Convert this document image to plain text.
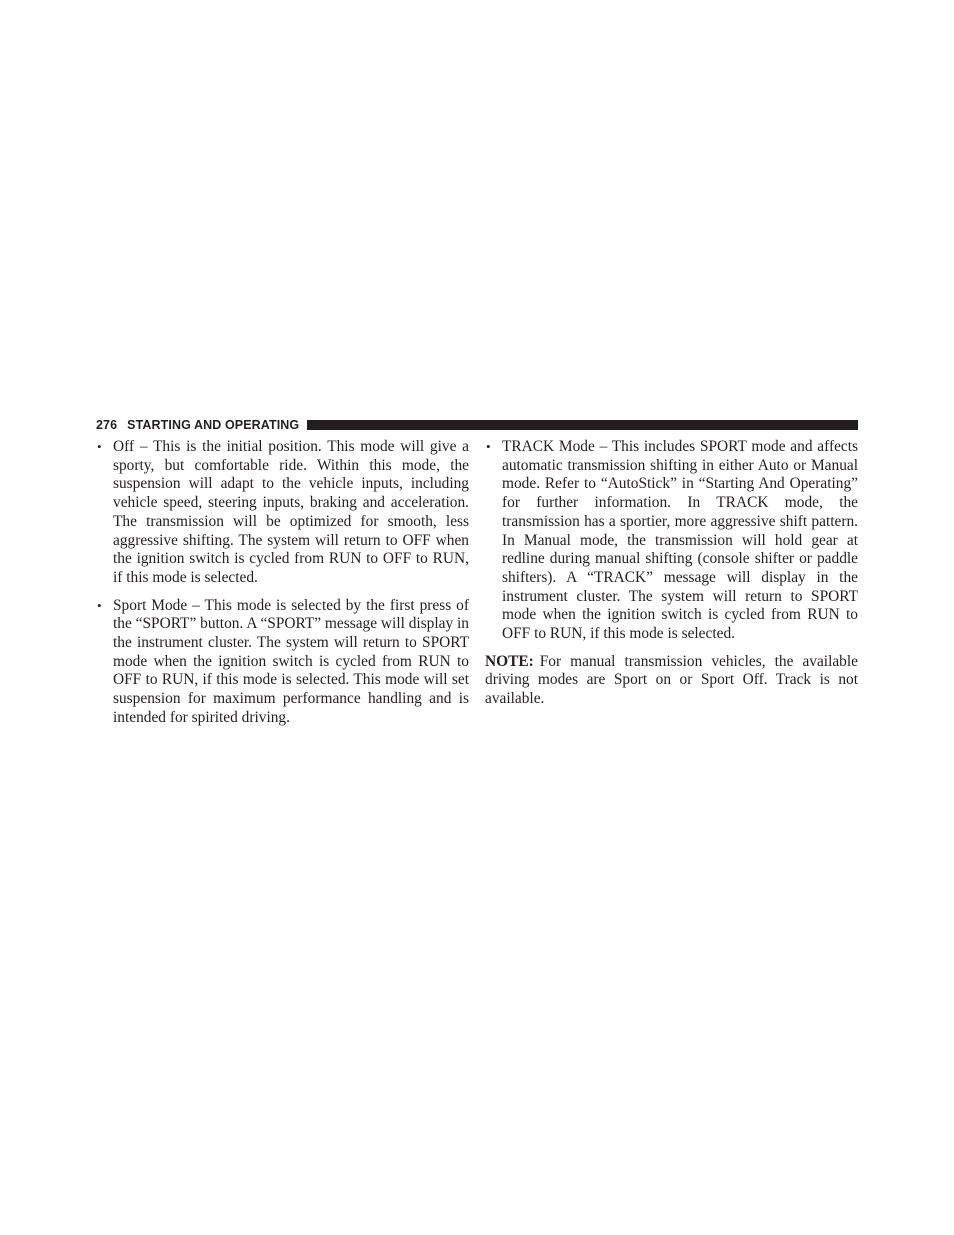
276 STARTING AND OPERATING
• Off – This is the initial position. This mode will give a sporty, but comfortable ride. Within this mode, the suspension will adapt to the vehicle inputs, including vehicle speed, steering inputs, braking and acceleration. The transmission will be optimized for smooth, less aggressive shifting. The system will return to OFF when the ignition switch is cycled from RUN to OFF to RUN, if this mode is selected.
• Sport Mode – This mode is selected by the first press of the “SPORT” button. A “SPORT” message will display in the instrument cluster. The system will return to SPORT mode when the ignition switch is cycled from RUN to OFF to RUN, if this mode is selected. This mode will set suspension for maximum performance handling and is intended for spirited driving.
• TRACK Mode – This includes SPORT mode and affects automatic transmission shifting in either Auto or Manual mode. Refer to “AutoStick” in “Starting And Operating” for further information. In TRACK mode, the transmission has a sportier, more aggressive shift pattern. In Manual mode, the transmission will hold gear at redline during manual shifting (console shifter or paddle shifters). A “TRACK” message will display in the instrument cluster. The system will return to SPORT mode when the ignition switch is cycled from RUN to OFF to RUN, if this mode is selected.

NOTE: For manual transmission vehicles, the available driving modes are Sport on or Sport Off. Track is not available.
